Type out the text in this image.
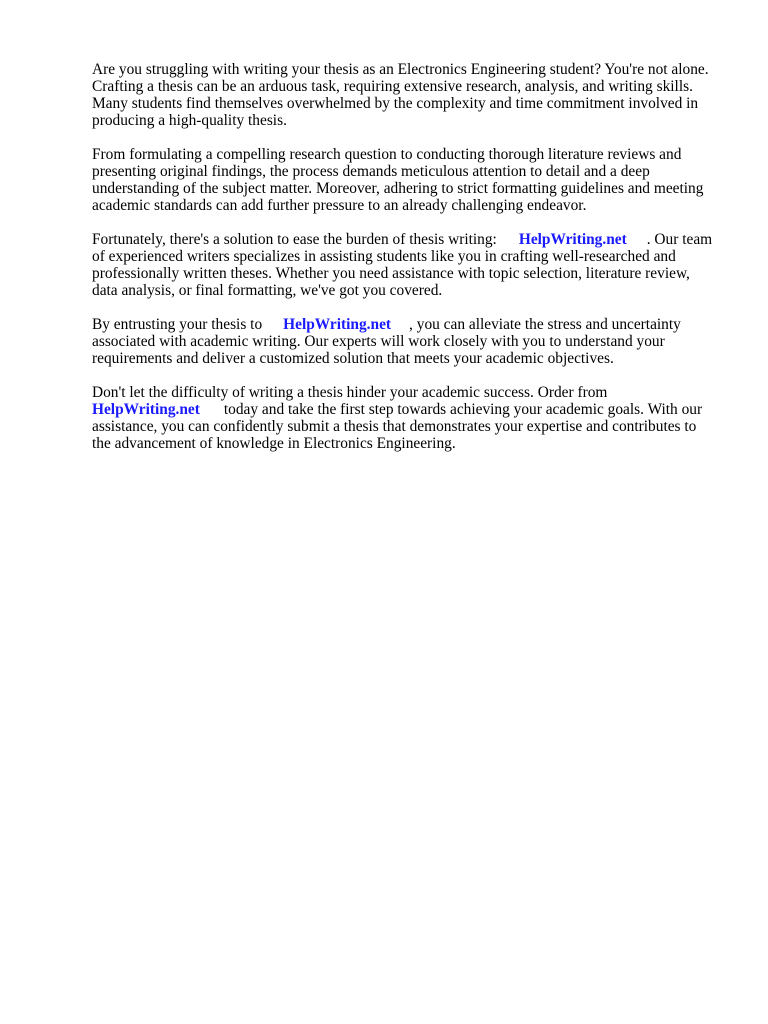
Are you struggling with writing your thesis as an Electronics Engineering student? You're not alone.
Crafting a thesis can be an arduous task, requiring extensive research, analysis, and writing skills.
Many students find themselves overwhelmed by the complexity and time commitment involved in
producing a high-quality thesis.

From formulating a compelling research question to conducting thorough literature reviews and
presenting original findings, the process demands meticulous attention to detail and a deep
understanding of the subject matter. Moreover, adhering to strict formatting guidelines and meeting
academic standards can add further pressure to an already challenging endeavor.

Fortunately, there's a solution to ease the burden of thesis writing: HelpWriting.net . Our team
of experienced writers specializes in assisting students like you in crafting well-researched and
professionally written theses. Whether you need assistance with topic selection, literature review,
data analysis, or final formatting, we've got you covered.

By entrusting your thesis to HelpWriting.net , you can alleviate the stress and uncertainty
associated with academic writing. Our experts will work closely with you to understand your
requirements and deliver a customized solution that meets your academic objectives.

Don't let the difficulty of writing a thesis hinder your academic success. Order from
HelpWriting.net today and take the first step towards achieving your academic goals. With our
assistance, you can confidently submit a thesis that demonstrates your expertise and contributes to
the advancement of knowledge in Electronics Engineering.
